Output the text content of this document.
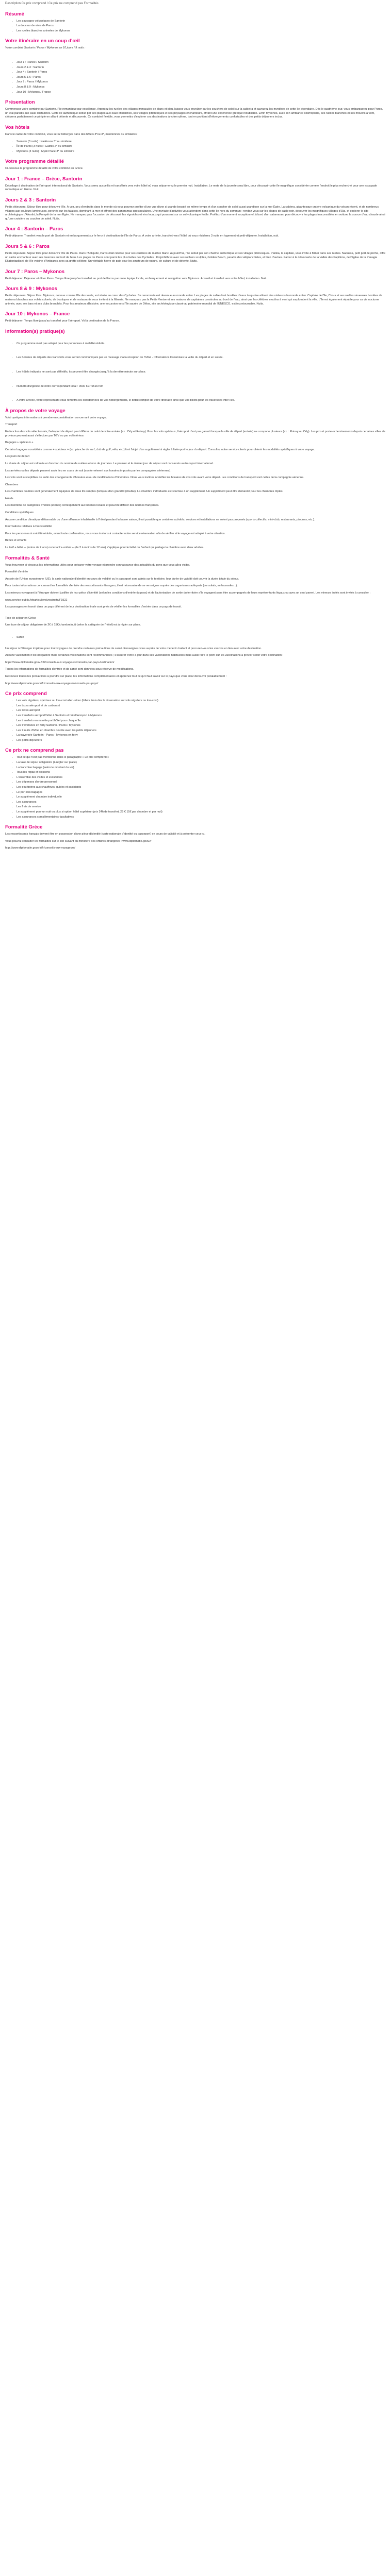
Description Ce prix comprend / Ce prix ne comprend pas Formalités
Résumé
• Les paysages volcaniques de Santorin
• La douceur de vivre de Paros
• Les ruelles blanches animées de Mykonos
Votre itinéraire en un coup d'œil

Votre combiné Santorin / Paros / Mykonos en 10 jours / 9 nuits :

• Jour 1 : France / Santorin
• Jours 2 & 3 : Santorin
• Jour 4 : Santorin / Paros
• Jours 5 & 6 : Paros
• Jour 7 : Paros / Mykonos
• Jours 8 & 9 : Mykonos
• Jour 10 : Mykonos / France
Présentation

Commencez votre combiné par Santorin, l'île romantique par excellence. Arpentez les ruelles des villages immaculés de blanc et bleu, laissez vous envoûter par les couchers de soleil sur la caldeira et savourez les mystères de cette île légendaire. Dès le quatrième jour, vous embarquerez pour Paros, un vrai paradis aux eaux cristallines. Cette île authentique séduit par ses plages aux eaux cristallines, ses villages pittoresques et ses paysages enchanteurs, offrant une expérience grecque inoubliable. Enfin Mykonos, avec son ambiance cosmopolite, ses ruelles blanches et ses moulins à vent, clôturera parfaitement ce périple en alliant détente et découverte. Ce combiné flexible, vous permettra d'explorer ces destinations à votre rythme, tout en profitant d'hébergements confortables et des petits déjeuners inclus.

Vos hôtels

Dans le cadre de votre combiné, vous serez hébergés dans des hôtels 3*ou 3*, mentionnés ou similaires :

• Santorin (3 nuits) : Narkissos 3* ou similaire
• Île de Paros (3 nuits) : Galinis 2* ou similaire
• Mykonos (3 nuits) : Mykii Place 3* ou similaire
Votre programme détaillé

Ci-dessous le programme détaillé de votre combiné en Grèce.

Jour 1 : France – Grèce, Santorin

Décollage à destination de l'aéroport international de Santorin. Vous serez accueillis et transférés vers votre hôtel où vous séjournerez le premier nuit. Installation. Le reste de la journée sera libre, pour découvrir cette île magnifique considérée comme l'endroit le plus recherché pour une escapade romantique en Grèce. Nuit.

Jours 2 & 3 : Santorin

Petits déjeuners. Séjour libre pour découvrir l'île. À voir, peu d'endroits dans le monde où vous pourrez profiter d'une vue d'une si grande beauté en même temps et d'un coucher de soleil aussi grandiose sur la mer Égée. La caldera, gigantesque cratère volcanique du volcan récent, et de nombreux villages aux couleurs lumineuses, perchés sur les falaises, dominant la mer et offrent des panoramas spectaculaires. Une myriade d'activités vous attendent dans cette île hors du commun : rendez-vous sur les plages de sable noir, découvrir les magnifiques villages d'Oia, et explorer le site archéologique d'Akrotiri, la Pompéi de la mer Égée. Ne manquez pas l'occasion de découvrir les vignobles et vins locaux qui poussent sur ce sol volcanique fertile. Profitez d'un moment exceptionnel, à bord d'un catamaran, pour découvrir les plages inaccessibles en voiture, la source d'eau chaude ainsi qu'une croisière au coucher de soleil. Nuits.

Jour 4 : Santorin – Paros

Petit-déjeuner. Transfert vers le port de Santorin et embarquement sur le ferry à destination de l'île de Paros. À votre arrivée, transfert vers l'hôtel où vous résiderez 3 nuits en logement et petit-déjeuner. Installation, nuit.

Jours 5 & 6 : Paros

Petits déjeuners. Séjour libre pour découvrir l'île de Paros. Dans l'Antiquité, Paros était célèbre pour ses carrières de marbre blanc. Aujourd'hui, l'île séduit par son charme authentique et ses villages pittoresques. Parikia, la capitale, vous invite à flâner dans ses ruelles. Naoussa, petit port de pêche, offre un cadre enchanteur avec ses tavernes au bord de l'eau. Les plages de Paros sont parmi les plus belles des Cyclades : Kolymbithres avec ses rochers sculptés, Golden Beach, paradis des véliplanchistes, et bien d'autres. Partez à la découverte de la Vallée des Papillons, de l'église de la Panagia Ekatontapiliani, de l'île voisine d'Antiparos avec sa grotte célèbre. Un véritable havre de paix pour les amateurs de nature, de culture et de détente. Nuits.

Jour 7 : Paros – Mykonos

Petit déjeuner. Déjeuner et dîner libres. Temps libre jusqu'au transfert au port de Paros par notre équipe locale, embarquement et navigation vers Mykonos. Accueil et transfert vers votre hôtel, installation. Nuit.

Jours 8 & 9 : Mykonos

Petits déjeuners. Séjour libre. Mykonos, connue comme l'île des vents, est située au cœur des Cyclades. Sa renommée est devenue au monde entier. Les plages de sable doré bordées d'eaux turquoise attirent des visiteurs du monde entier. Capitale de l'île, Chora et ses ruelles sinueuses bordées de maisons blanches aux volets colorés, de boutiques et de restaurants vous invitent à la flânerie. Ne manquez pas la Petite Venise et ses maisons de capitaines construites au bord de l'eau, ainsi que les célèbres moulins à vent qui surplombent la ville. L'île est également réputée pour sa vie nocturne animée, avec ses bars et ses clubs branchés. Pour les amateurs d'histoire, une excursion vers l'île sacrée de Délos, site archéologique classé au patrimoine mondial de l'UNESCO, est incontournable. Nuits.

Jour 10 : Mykonos – France

Petit déjeuner. Temps libre jusqu'au transfert pour l'aéroport. Vol à destination de la France.

Information(s) pratique(s)
• Ce programme n'est pas adapté pour les personnes à mobilité réduite.
• Les horaires de départs des transferts vous seront communiqués par un message via la réception de l'hôtel - Informations transmises la veille du départ et en soirée.
• Les hôtels indiqués ne sont pas définitifs, ils peuvent être changés jusqu'à la dernière minute sur place.
• Numéro d'urgence de notre correspondant local : 0030 697 6516799
• A votre arrivée, votre représentant vous remettra les coordonnées de vos hébergements, le détail complet de votre itinéraire ainsi que vos billets pour les traversées inter-îles.
À propos de votre voyage

Voici quelques informations à prendre en considération concernant votre voyage.

Transport

En fonction des vols sélectionnés, l'aéroport de départ peut différer de celui de votre arrivée (ex : Orly et Roissy). Pour les vols spéciaux, l'aéroport n'est pas garanti lorsque la ville de départ (arrivée) ne comporte plusieurs (ex. : Roissy ou Orly). Les prix et poste-acheminements depuis certaines villes de province peuvent aussi s'effectuer par TGV ou par vol intérieur.

Bagages + spécieux +

Certains bagages considérés comme + spécieux + (ex. planche de surf, club de golf, vélo, etc.) font l'objet d'un supplément à régler à l'aéroport le jour du départ. Consultez notre service clients pour obtenir les modalités spécifiques à votre voyage.

Les jours de départ

La durée du séjour est calculée en fonction du nombre de nuitées et non de journées. Le premier et le dernier jour de séjour sont consacrés au transport international.

Les arrivées ou les départs peuvent avoir lieu en cours de nuit (conformément aux horaires imposés par les compagnies aériennes).

Les vols sont susceptibles de subir des changements d'horaires et/ou de modifications d'itinéraires. Nous vous invitons à vérifier les horaires de vos vols avant votre départ. Les conditions de transport sont celles de la compagnie aérienne.

Chambres

Les chambres doubles sont généralement équipées de deux lits simples (twin) ou d'un grand lit (double). La chambre individuelle est soumise à un supplément. Un supplément peut être demandé pour les chambres triples.

Hôtels

Les mentions de catégories d'hôtels (étoiles) correspondent aux normes locales et peuvent différer des normes françaises.

Conditions spécifiques

Aucune condition climatique défavorable ou d'une affluence inhabituelle à l'hôtel pendant la basse saison, il est possible que certaines activités, services et installations ne soient pas proposés (sports collectifs, mini-club, restaurants, piscines, etc.).

Informations relatives à l'accessibilité

Pour les personnes à mobilité réduite, avant toute confirmation, nous vous invitons à contacter notre service réservation afin de vérifier si le voyage est adapté à votre situation.

Bébés et enfants

Le tarif + bébé + (moins de 2 ans) ou le tarif + enfant + (de 2 à moins de 12 ans) s'applique pour le bébé ou l'enfant qui partage la chambre avec deux adultes.

Formalités & Santé

Vous trouverez ci-dessous les informations utiles pour préparer votre voyage et prendre connaissance des actualités du pays que vous allez visiter.

Formalité d'entrée

Au sein de l'Union européenne (UE), la carte nationale d'identité en cours de validité ou le passeport sont admis sur le territoire, leur durée de validité doit couvrir la durée totale du séjour.

Pour toutes informations concernant les formalités d'entrée des ressortissants étrangers, il est nécessaire de se renseigner auprès des organismes adéquats (consulats, ambassades...).

Les mineurs voyageant à l'étranger doivent justifier de leur pièce d'identité (selon les conditions d'entrée du pays) et de l'autorisation de sortie du territoire s'ils voyagent sans être accompagnés de leurs représentants légaux ou avec un seul parent. Les mineurs isolés sont invités à consulter :

www.service-public.fr/particuliers/vosdroits/F1922

Les passagers en transit dans un pays différent de leur destination finale sont priés de vérifier les formalités d'entrée dans ce pays de transit.

Taxe de séjour en Grèce

Une taxe de séjour obligatoire de 2€ à 15€/chambre/nuit (selon la catégorie de l'hôtel) est à régler sur place.

• Santé

Un séjour à l'étranger implique pour tout voyageur de prendre certaines précautions de santé. Renseignez-vous auprès de votre médecin traitant et procurez-vous les vaccins en lien avec votre destination.

Aucune vaccination n'est obligatoire mais certaines vaccinations sont recommandées ; s'assurer d'être à jour dans ses vaccinations habituelles mais aussi faire le point sur les vaccinations à prévoir selon votre destination :

https://www.diplomatie.gouv.fr/fr/conseils-aux-voyageurs/conseils-par-pays-destination/

Toutes les informations de formalités d'entrée et de santé sont données sous réserve de modifications.

Retrouvez toutes les précautions à prendre sur place, les informations complémentaires et apprenez tout ce qu'il faut savoir sur le pays que vous allez découvrir préalablement :

http://www.diplomatie.gouv.fr/fr/conseils-aux-voyageurs/conseils-par-pays/

Ce prix comprend
• Les vols réguliers, spéciaux ou low-cost aller-retour (billets émis dès la réservation sur vols réguliers ou low-cost)
• Les taxes aéroport et de carburant
• Les taxes aéroport
• Les transferts aéroport/hôtel à Santorin et hôtel/aéroport à Mykonos
• Les transferts en navette port/hôtel pour chaque île
• Les traversées en ferry Santorin / Paros / Mykonos
• Les 9 nuits d'hôtel en chambre double avec les petits déjeuners
• La traversée Santorin - Paros - Mykonos en ferry
• Les petits déjeuners
Ce prix ne comprend pas
• Tout ce qui n'est pas mentionné dans le paragraphe « Le prix comprend »
• La taxe de séjour obligatoire (à régler sur place)
• La franchise bagage (selon le montant du vol)
• Tous les repas et boissons
• L'ensemble des visites et excursions
• Les dépenses d'ordre personnel
• Les pourboires aux chauffeurs, guides et assistants
• Le port des bagages
• Le supplément chambre individuelle
• Les assurances
• Les frais de service
• Le supplément pour un nuit ou plus si option hôtel supérieur (prix 24h de transfert, 25 € 15€ par chambre et par nuit)
• Les assurances complémentaires facultatives
Formalité Grèce

Les ressortissants français doivent être en possession d'une pièce d'identité (carte nationale d'identité ou passeport) en cours de validité et à présenter ceux-ci.

Vous pouvez consulter les formalités sur le site suivant du ministère des Affaires étrangères : www.diplomatie.gouv.fr

http://www.diplomatie.gouv.fr/fr/conseils-aux-voyageurs/
